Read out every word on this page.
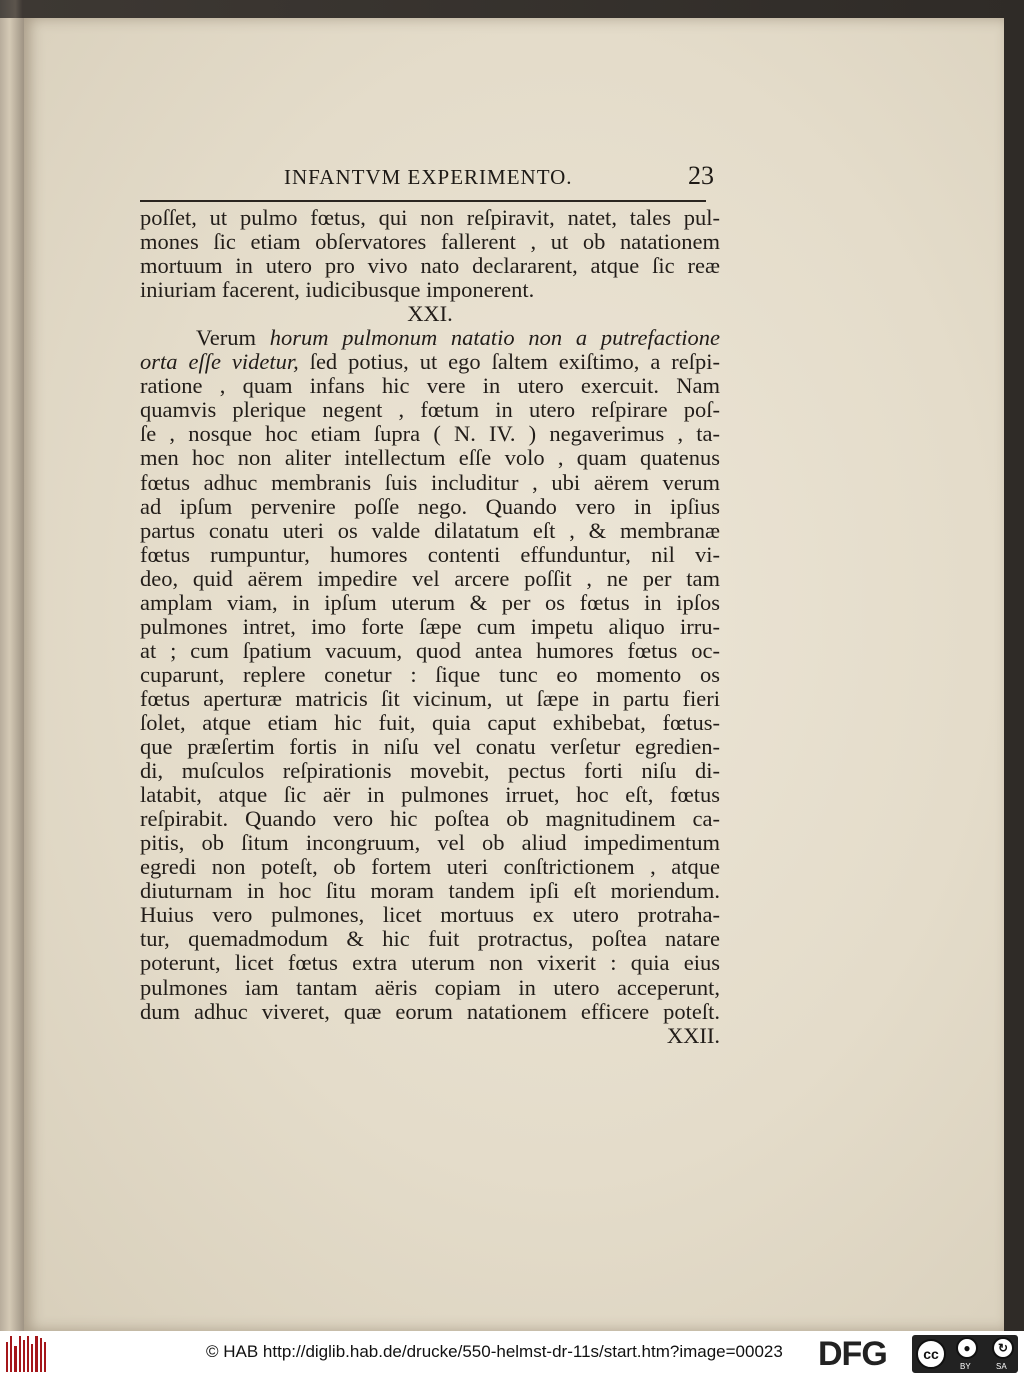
INFANTVM EXPERIMENTO.	23
poſſet, ut pulmo fœtus, qui non reſpiravit, natet, tales pul-
mones ſic etiam obſervatores fallerent , ut ob natationem
mortuum in utero pro vivo nato declararent, atque ſic reæ
iniuriam facerent, iudicibusque imponerent.
XXI.
Verum horum pulmonum natatio non a putrefactione
orta eſſe videtur, ſed potius, ut ego ſaltem exiſtimo, a reſpi-
ratione , quam infans hic vere in utero exercuit. Nam
quamvis plerique negent , fœtum in utero reſpirare poſ-
ſe , nosque hoc etiam ſupra ( N. IV. ) negaverimus , ta-
men hoc non aliter intellectum eſſe volo , quam quatenus
fœtus adhuc membranis ſuis includitur , ubi aërem verum
ad ipſum pervenire poſſe nego. Quando vero in ipſius
partus conatu uteri os valde dilatatum eſt , & membranæ
fœtus rumpuntur, humores contenti effunduntur, nil vi-
deo, quid aërem impedire vel arcere poſſit , ne per tam
amplam viam, in ipſum uterum & per os fœtus in ipſos
pulmones intret, imo forte ſæpe cum impetu aliquo irru-
at ; cum ſpatium vacuum, quod antea humores fœtus oc-
cuparunt, replere conetur : ſique tunc eo momento os
fœtus aperturæ matricis ſit vicinum, ut ſæpe in partu fieri
ſolet, atque etiam hic fuit, quia caput exhibebat, fœtus-
que præſertim fortis in niſu vel conatu verſetur egredien-
di, muſculos reſpirationis movebit, pectus forti niſu di-
latabit, atque ſic aër in pulmones irruet, hoc eſt, fœtus
reſpirabit. Quando vero hic poſtea ob magnitudinem ca-
pitis, ob ſitum incongruum, vel ob aliud impedimentum
egredi non poteſt, ob fortem uteri conſtrictionem , atque
diuturnam in hoc ſitu moram tandem ipſi eſt moriendum.
Huius vero pulmones, licet mortuus ex utero protraha-
tur, quemadmodum & hic fuit protractus, poſtea natare
poterunt, licet fœtus extra uterum non vixerit : quia eius
pulmones iam tantam aëris copiam in utero acceperunt,
dum adhuc viveret, quæ eorum natationem efficere poteſt.
XXII.
© HAB http://diglib.hab.de/drucke/550-helmst-dr-11s/start.htm?image=00023 DFG	cc	●
BY
↻
SA
